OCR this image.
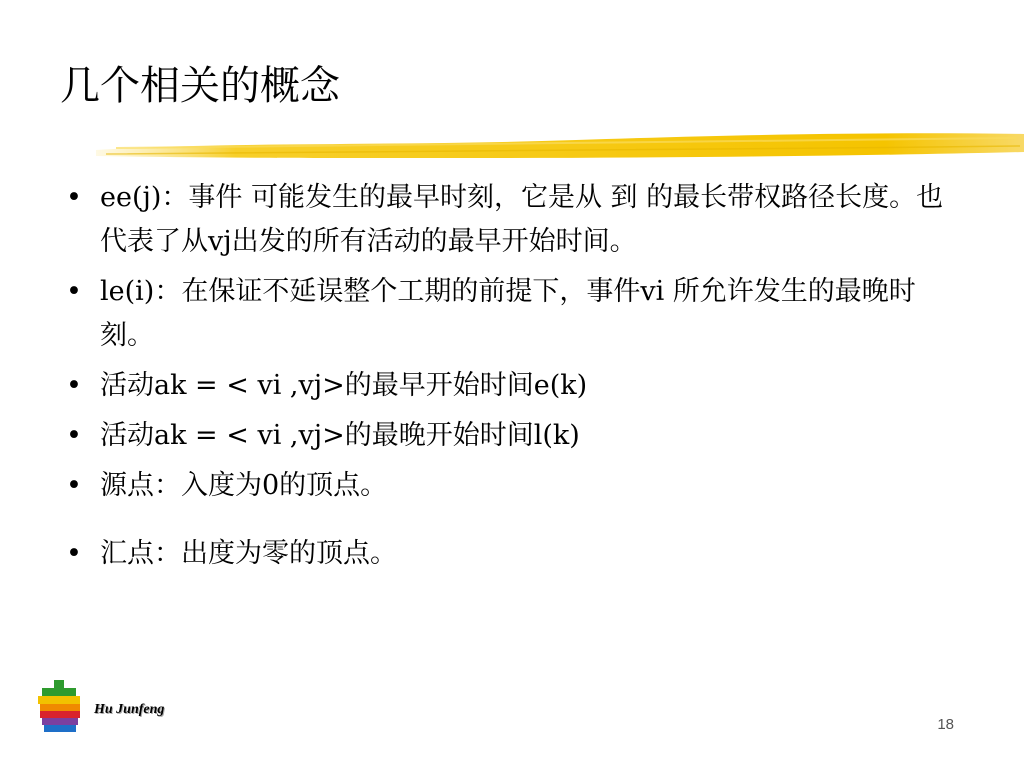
几个相关的概念
• ee(j)：事件 可能发生的最早时刻，它是从 到 的最长带权路径长度。也代表了从vj出发的所有活动的最早开始时间。
• le(i)：在保证不延误整个工期的前提下，事件vi 所允许发生的最晚时刻。
• 活动ak = < vi ,vj>的最早开始时间e(k)
• 活动ak = < vi ,vj>的最晚开始时间l(k)
• 源点：入度为0的顶点。
• 汇点：出度为零的顶点。
Hu Junfeng
18
